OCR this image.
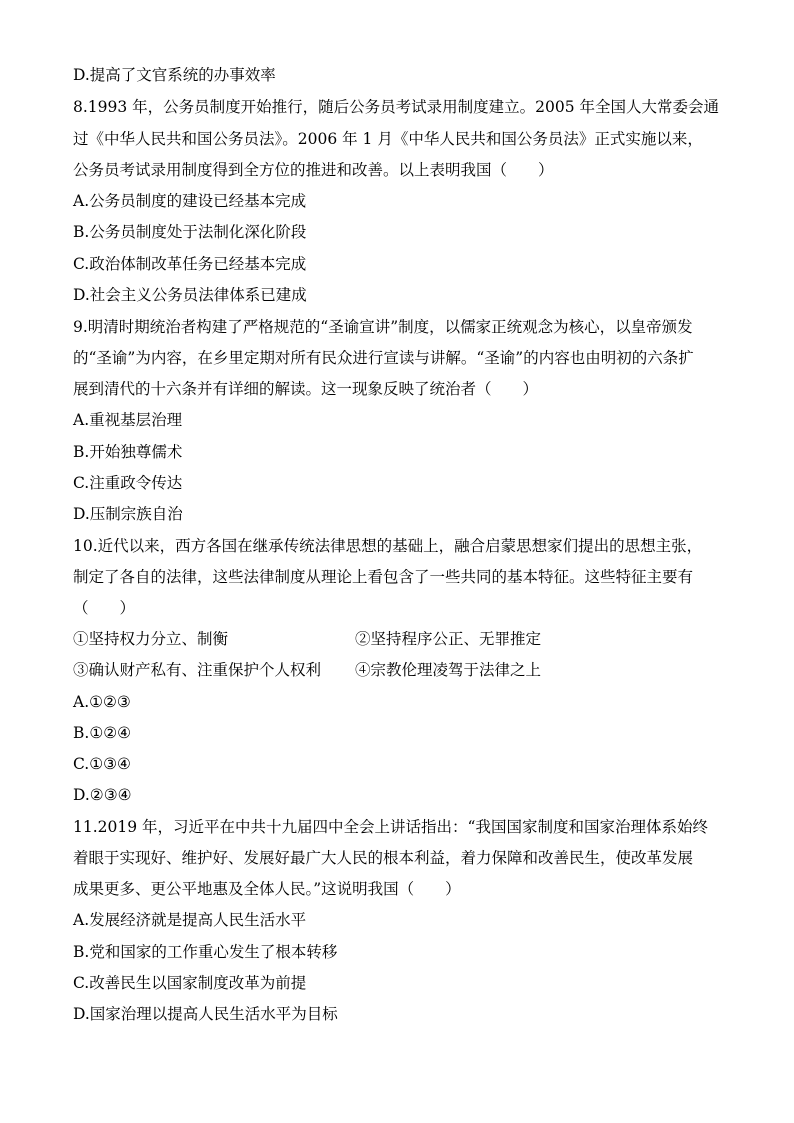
D.提高了文官系统的办事效率
8.1993 年，公务员制度开始推行，随后公务员考试录用制度建立。2005 年全国人大常委会通
过《中华人民共和国公务员法》。2006 年 1 月《中华人民共和国公务员法》正式实施以来，
公务员考试录用制度得到全方位的推进和改善。以上表明我国（　　）
A.公务员制度的建设已经基本完成
B.公务员制度处于法制化深化阶段
C.政治体制改革任务已经基本完成
D.社会主义公务员法律体系已建成
9.明清时期统治者构建了严格规范的“圣谕宣讲”制度，以儒家正统观念为核心，以皇帝颁发
的“圣谕”为内容，在乡里定期对所有民众进行宣读与讲解。“圣谕”的内容也由明初的六条扩
展到清代的十六条并有详细的解读。这一现象反映了统治者（　　）
A.重视基层治理
B.开始独尊儒术
C.注重政令传达
D.压制宗族自治
10.近代以来，西方各国在继承传统法律思想的基础上，融合启蒙思想家们提出的思想主张，
制定了各自的法律，这些法律制度从理论上看包含了一些共同的基本特征。这些特征主要有
（　　）
①坚持权力分立、制衡	②坚持程序公正、无罪推定
③确认财产私有、注重保护个人权利 ④宗教伦理凌驾于法律之上
A.①②③
B.①②④
C.①③④
D.②③④
11.2019 年，习近平在中共十九届四中全会上讲话指出：“我国国家制度和国家治理体系始终
着眼于实现好、维护好、发展好最广大人民的根本利益，着力保障和改善民生，使改革发展
成果更多、更公平地惠及全体人民。”这说明我国（　　）
A.发展经济就是提高人民生活水平
B.党和国家的工作重心发生了根本转移
C.改善民生以国家制度改革为前提
D.国家治理以提高人民生活水平为目标
